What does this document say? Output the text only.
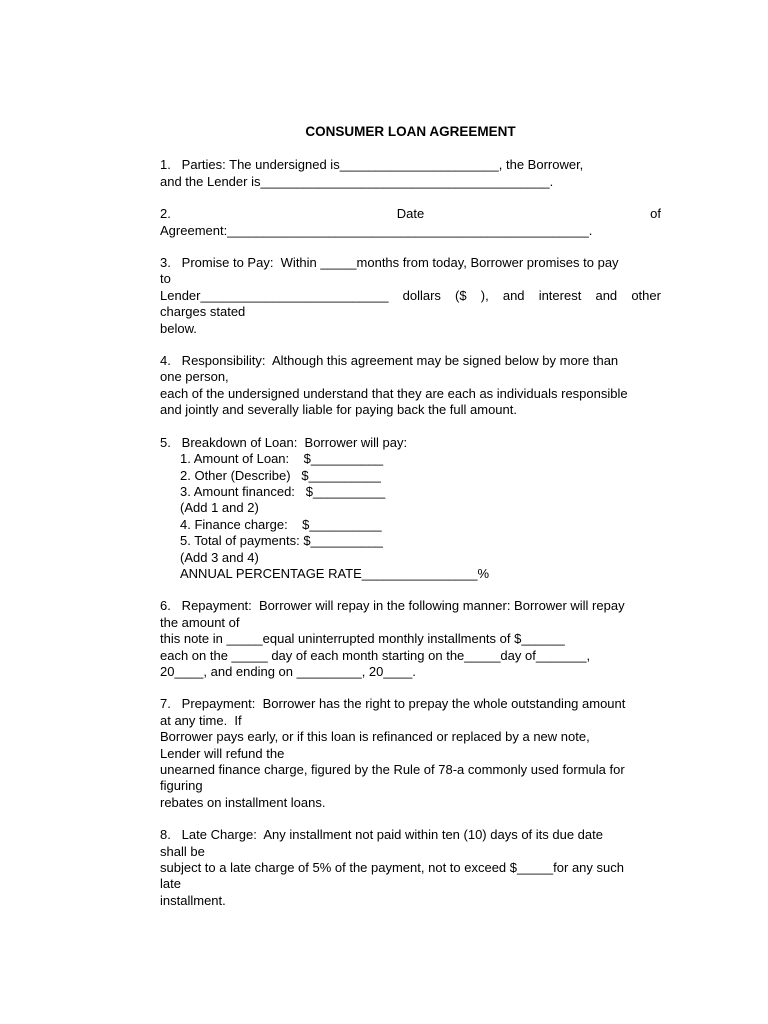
CONSUMER LOAN AGREEMENT
1.   Parties: The undersigned is______________________, the Borrower,
and the Lender is________________________________________.
2.	Date	of
Agreement:__________________________________________________.
3.   Promise to Pay:  Within _____months from today, Borrower promises to pay
to
Lender__________________________ dollars ($ ), and interest and other
charges stated
below.
4.   Responsibility:  Although this agreement may be signed below by more than
one person,
each of the undersigned understand that they are each as individuals responsible
and jointly and severally liable for paying back the full amount.
5.   Breakdown of Loan:  Borrower will pay:
1. Amount of Loan:    $__________
2. Other (Describe)   $__________
3. Amount financed:   $__________
(Add 1 and 2)
4. Finance charge:    $__________
5. Total of payments: $__________
(Add 3 and 4)
ANNUAL PERCENTAGE RATE________________%
6.   Repayment:  Borrower will repay in the following manner: Borrower will repay
the amount of
this note in _____equal uninterrupted monthly installments of $______
each on the _____ day of each month starting on the_____day of_______,
20____, and ending on _________, 20____.
7.   Prepayment:  Borrower has the right to prepay the whole outstanding amount
at any time.  If
Borrower pays early, or if this loan is refinanced or replaced by a new note,
Lender will refund the
unearned finance charge, figured by the Rule of 78-a commonly used formula for
figuring
rebates on installment loans.
8.   Late Charge:  Any installment not paid within ten (10) days of its due date
shall be
subject to a late charge of 5% of the payment, not to exceed $_____for any such
late
installment.
